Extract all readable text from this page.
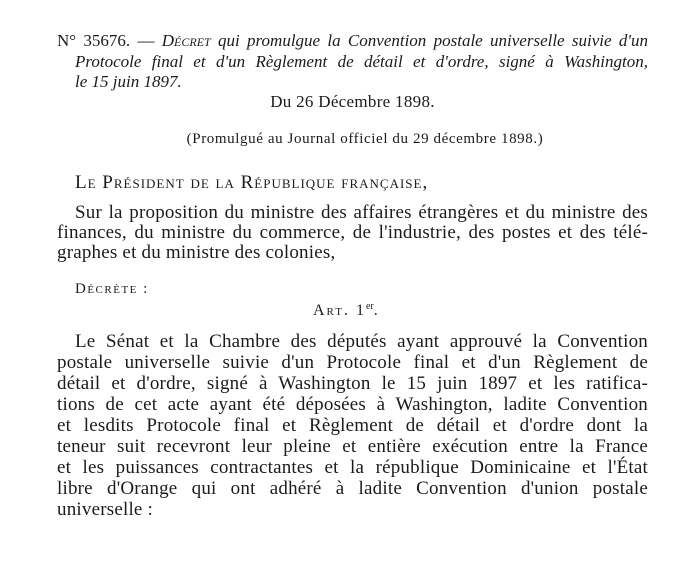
N° 35676. — Décret qui promulgue la Convention postale universelle suivie d'un
Protocole final et d'un Règlement de détail et d'ordre, signé à Washington,
le 15 juin 1897.
Du 26 Décembre 1898.
(Promulgué au Journal officiel du 29 décembre 1898.)
Le Président de la République française,
Sur la proposition du ministre des affaires étrangères et du ministre des
finances, du ministre du commerce, de l'industrie, des postes et des télé-
graphes et du ministre des colonies,
Décrète :
Art. 1er.
Le Sénat et la Chambre des députés ayant approuvé la Convention
postale universelle suivie d'un Protocole final et d'un Règlement de
détail et d'ordre, signé à Washington le 15 juin 1897 et les ratifica-
tions de cet acte ayant été déposées à Washington, ladite Convention
et lesdits Protocole final et Règlement de détail et d'ordre dont la
teneur suit recevront leur pleine et entière exécution entre la France
et les puissances contractantes et la république Dominicaine et l'État
libre d'Orange qui ont adhéré à ladite Convention d'union postale
universelle :
